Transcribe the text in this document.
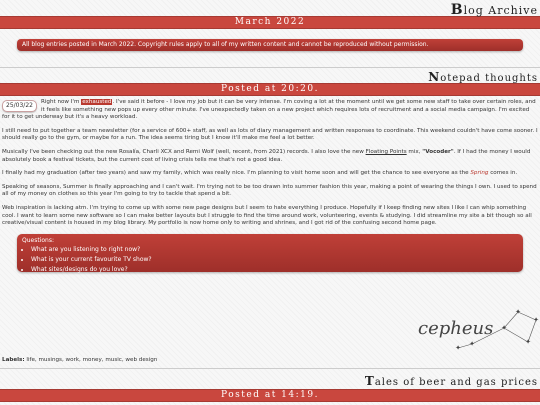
Blog Archive
March 2022
All blog entries posted in March 2022. Copyright rules apply to all of my written content and cannot be reproduced without permission.
Notepad thoughts
Posted at 20:20.

25/03/22	Right now I'm exhausted. I've said it before - I love my job but it can be very intense. I'm coving a lot at the moment until we get some new staff to take over certain roles, and it feels like something new pops up every other minute. I've unexpectedly taken on a new project which requires lots of recruitment and a social media campaign. I'm excited for it to get underway but it's a heavy workload.

I still need to put together a team newsletter (for a service of 600+ staff, as well as lots of diary management and written responses to coordinate. This weekend couldn't have come sooner. I should really go to the gym, or maybe for a run. The idea seems tiring but I know it'll make me feel a lot better.

Musically I've been checking out the new Rosalía, Charli XCX and Remi Wolf (well, recent, from 2021) records. I also love the new Floating Points mix, "Vocoder". If I had the money I would absolutely book a festival tickets, but the current cost of living crisis tells me that's not a good idea.

I finally had my graduation (after two years) and saw my family, which was really nice. I'm planning to visit home soon and will get the chance to see everyone as the Spring comes in.

Speaking of seasons, Summer is finally approaching and I can't wait. I'm trying not to be too drawn into summer fashion this year, making a point of wearing the things I own. I used to spend all of my money on clothes so this year I'm going to try to tackle that spend a bit.

Web inspiration is lacking atm. I'm trying to come up with some new page designs but I seem to hate everything I produce. Hopefully if I keep finding new sites I like I can whip something cool. I want to learn some new software so I can make better layouts but I struggle to find the time around work, volunteering, events & studying. I did streamline my site a bit though so all creative/visual content is housed in my blog library. My portfolio is now home only to writing and shrines, and I got rid of the confusing second home page.

Questions:
• What are you listening to right now?
• What is your current favourite TV show?
• What sites/designs do you love?
✦ ✦
✦
✦
✦
✦
cepheus
Labels: life, musings, work, money, music, web design
Tales of beer and gas prices
Posted at 14:19.
